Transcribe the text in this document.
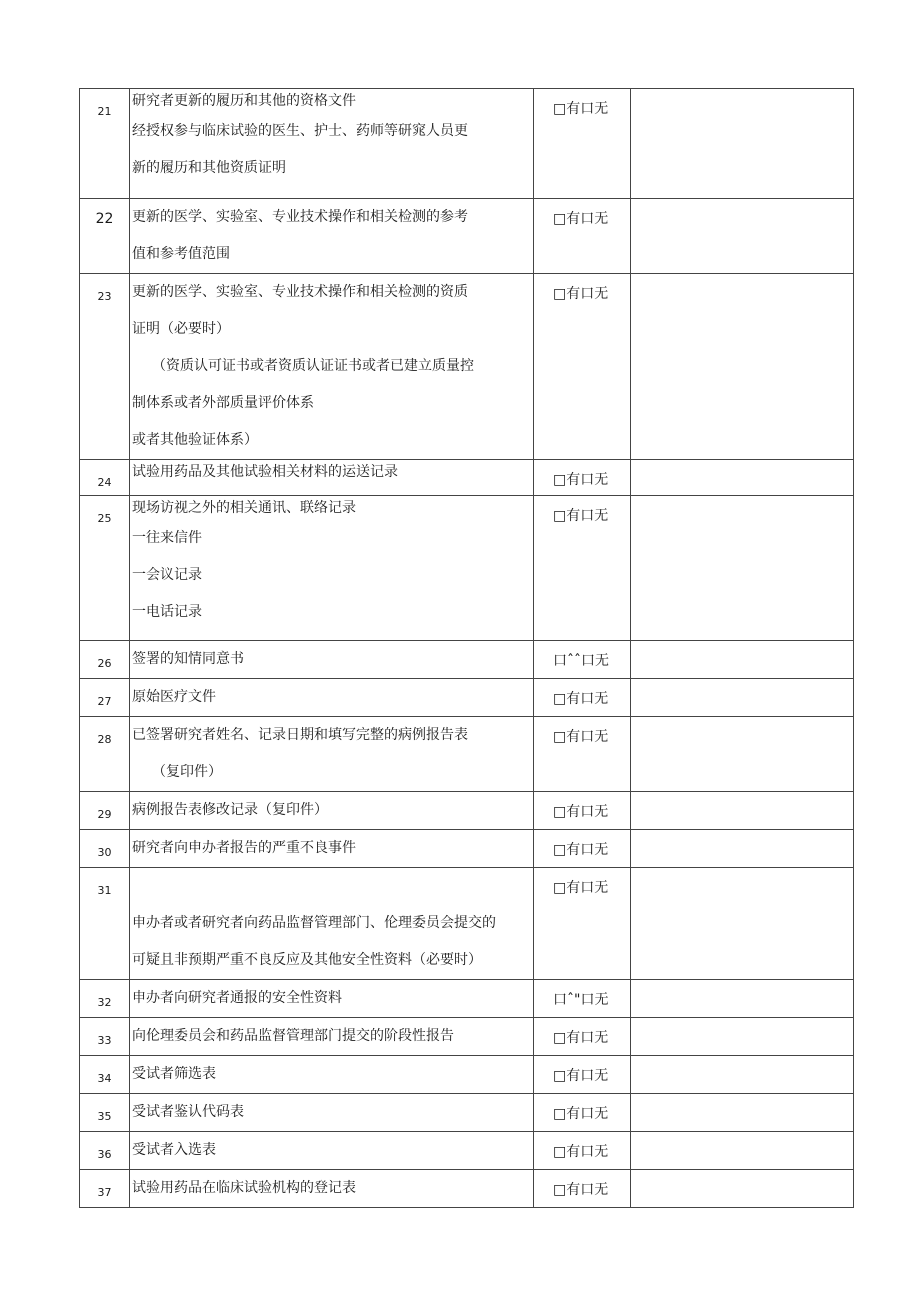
21	研究者更新的履历和其他的资格文件
经授权参与临床试验的医生、护士、药师等研窕人员更
新的履历和其他资质证明	□有口无	
22	更新的医学、实验室、专业技术操作和相关检测的参考
值和参考值范围	□有口无	
23	更新的医学、实验室、专业技术操作和相关检测的资质
证明（必要时）
（资质认可证书或者资质认证证书或者已建立质量控
制体系或者外部质量评价体系
或者其他验证体系）	□有口无	
24	试验用药品及其他试验相关材料的运送记录	□有口无	
25	现场访视之外的相关通讯、联络记录
一往来信件
一会议记录
一电话记录	□有口无	
26	签署的知情同意书	口ˆˆ口无	
27	原始医疗文件	□有口无	
28	已签署研究者姓名、记录日期和填写完整的病例报告表
（复印件）	□有口无	
29	病例报告表修改记录（复印件）	□有口无	
30	研究者向申办者报告的严重不良事件	□有口无	
31	申办者或者研究者向药品监督管理部门、伦理委员会提交的
可疑且非预期严重不良反应及其他安全性资料（必要时）	□有口无	
32	申办者向研究者通报的安全性资料	口ˆ"口无	
33	向伦理委员会和药品监督管理部门提交的阶段性报告	□有口无	
34	受试者筛选表	□有口无	
35	受试者鉴认代码表	□有口无	
36	受试者入选表	□有口无	
37	试验用药品在临床试验机构的登记表	□有口无	
